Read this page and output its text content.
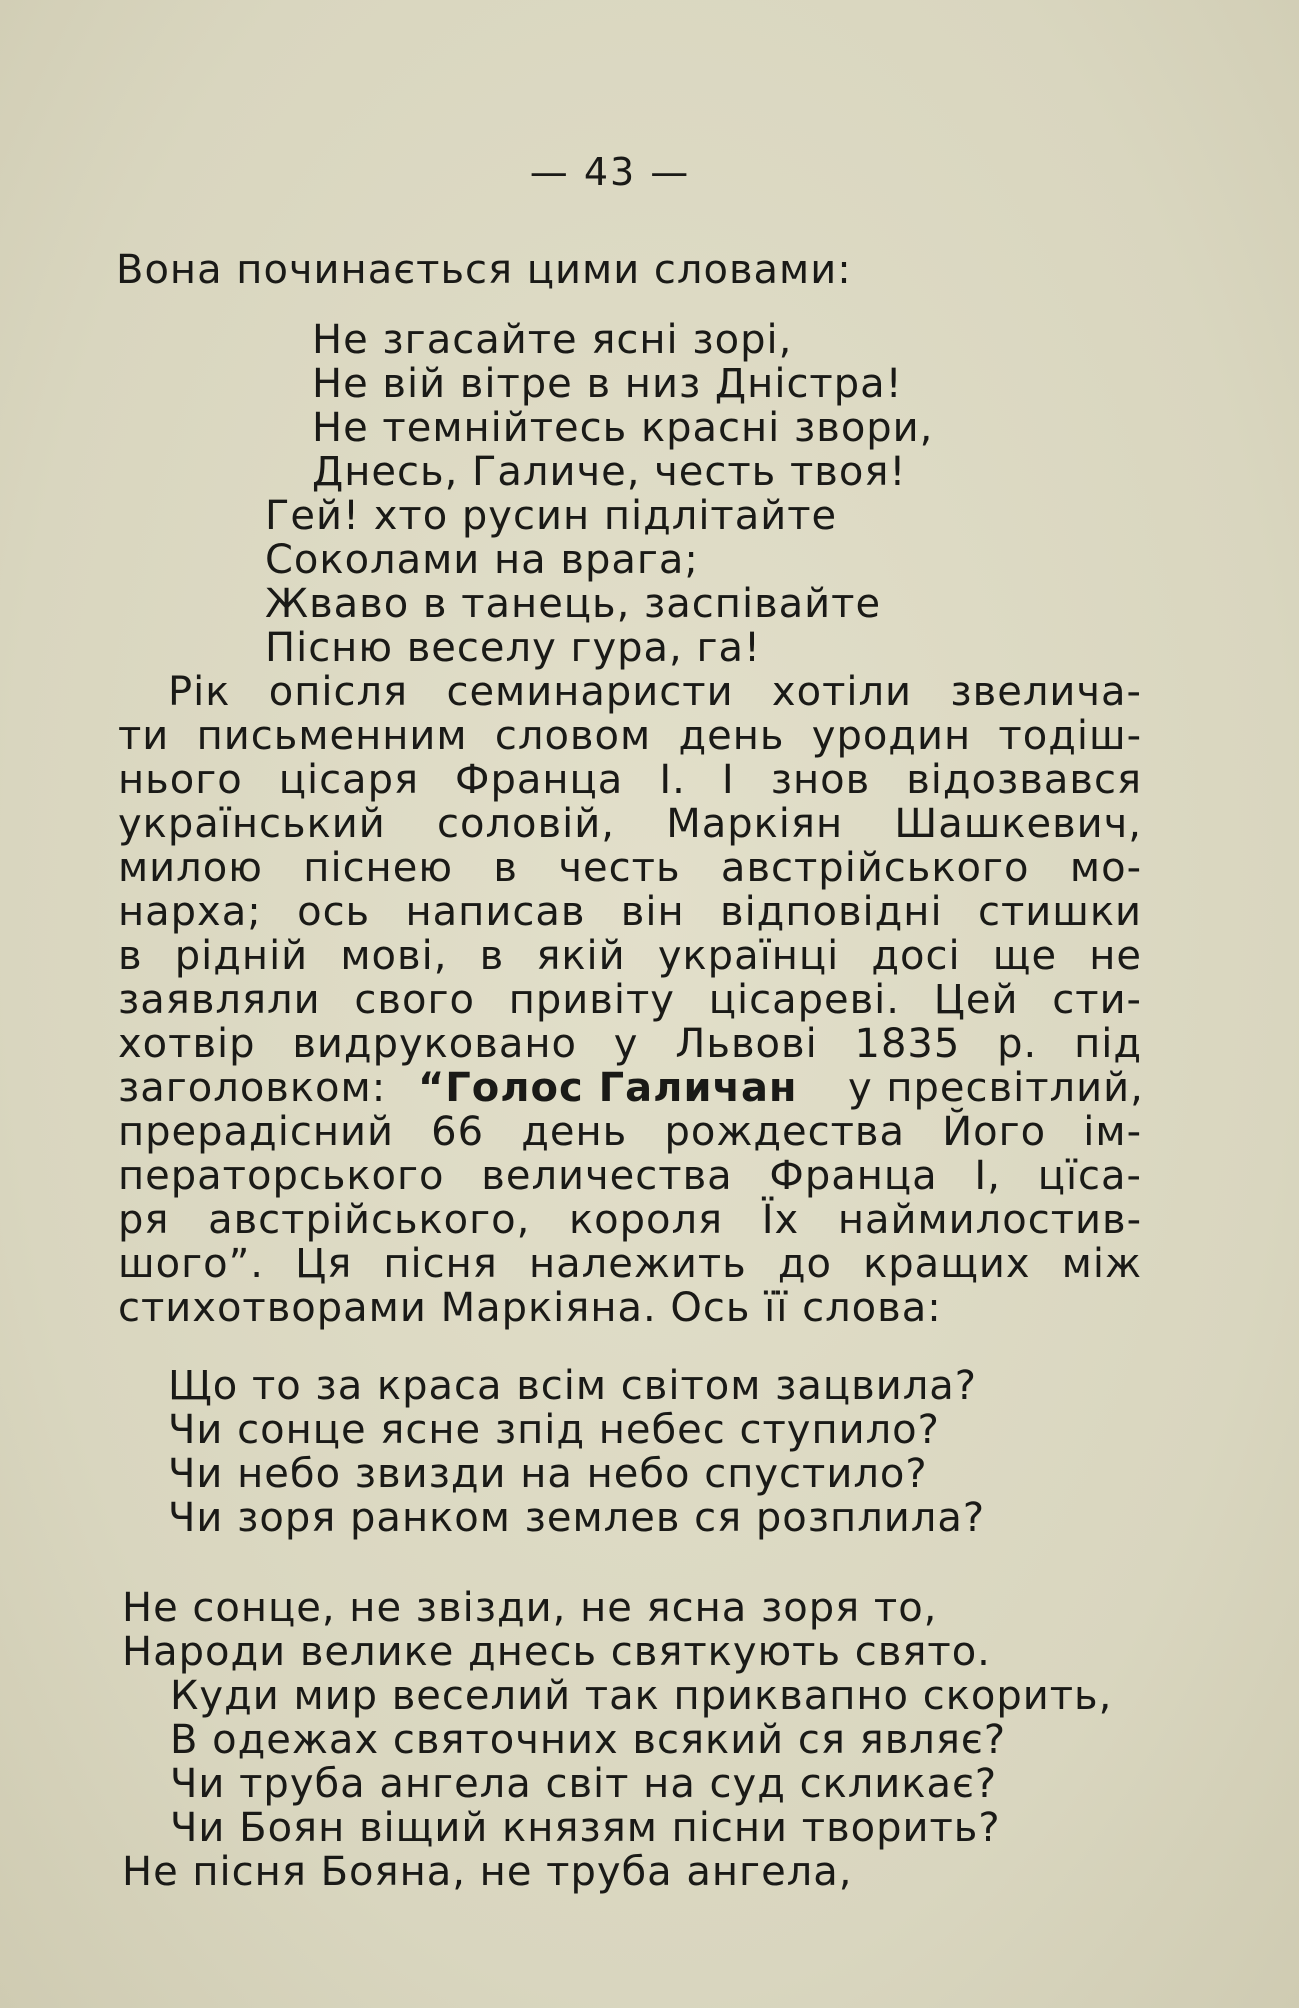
— 43 —
Вона починається цими словами:
Не згасайте ясні зорі,
Не вій вітре в низ Дністра!
Не темнійтесь красні звори,
Днесь, Галиче, честь твоя!
Гей! хто русин підлітайте
Соколами на врага;
Жваво в танець, заспівайте
Пісню веселу гура, га!
Рік опісля семинаристи хотіли звелича-
ти письменним словом день уродин тодіш-
нього цісаря Франца I. I знов відозвався
український соловій, Маркіян Шашкевич,
милою піснею в честь австрійського мо-
нарха; ось написав він відповідні стишки
в рідній мові, в якій українці досі ще не
заявляли свого привіту цісареві. Цей сти-
хотвір видруковано у Львові 1835 р. під
заголовком: “Голос Галичан у пресвітлий,
прерадісний 66 день рождества Його ім-
ператорського величества Франца I, цїса-
ря австрійського, короля Їх наймилостив-
шого”. Ця пісня належить до кращих між
стихотворами Маркіяна. Ось її слова:
Що то за краса всім світом зацвила?
Чи сонце ясне зпід небес ступило?
Чи небо звизди на небо спустило?
Чи зоря ранком землев ся розплила?
Не сонце, не звізди, не ясна зоря то,
Народи велике днесь святкують свято.
Куди мир веселий так приквапно скорить,
В одежах святочних всякий ся являє?
Чи труба ангела світ на суд скликає?
Чи Боян віщий князям пісни творить?
Не пісня Бояна, не труба ангела,
